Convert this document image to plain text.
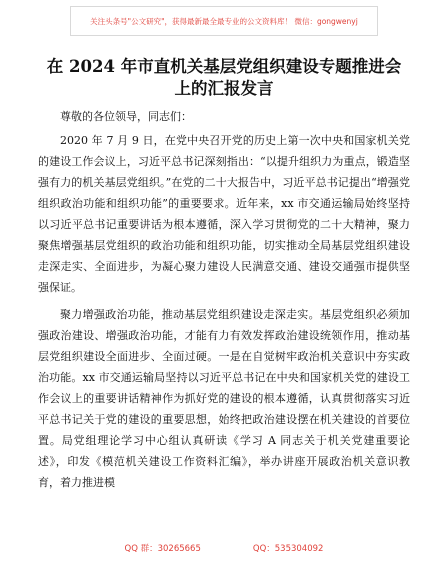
关注头条号"公文研究"，获得最新最全最专业的公文资料库！ 微信：gongwenyj
在 2024 年市直机关基层党组织建设专题推进会上的汇报发言

尊敬的各位领导，同志们：

2020 年 7 月 9 日，在党中央召开党的历史上第一次中央和国家机关党的建设工作会议上，习近平总书记深刻指出：“以提升组织力为重点，锻造坚强有力的机关基层党组织。”在党的二十大报告中，习近平总书记提出“增强党组织政治功能和组织功能”的重要要求。近年来，xx 市交通运输局始终坚持以习近平总书记重要讲话为根本遵循，深入学习贯彻党的二十大精神，聚力聚焦增强基层党组织的政治功能和组织功能，切实推动全局基层党组织建设走深走实、全面进步，为凝心聚力建设人民满意交通、建设交通强市提供坚强保证。

聚力增强政治功能，推动基层党组织建设走深走实。基层党组织必须加强政治建设、增强政治功能，才能有力有效发挥政治建设统领作用，推动基层党组织建设全面进步、全面过硬。一是在自觉树牢政治机关意识中夯实政治功能。xx 市交通运输局坚持以习近平总书记在中央和国家机关党的建设工作会议上的重要讲话精神作为抓好党的建设的根本遵循，认真贯彻落实习近平总书记关于党的建设的重要思想，始终把政治建设摆在机关建设的首要位置。局党组理论学习中心组认真研读《学习 A 同志关于机关党建重要论述》，印发《模范机关建设工作资料汇编》，举办讲座开展政治机关意识教育，着力推进模

QQ 群：30265665	QQ：535304092
